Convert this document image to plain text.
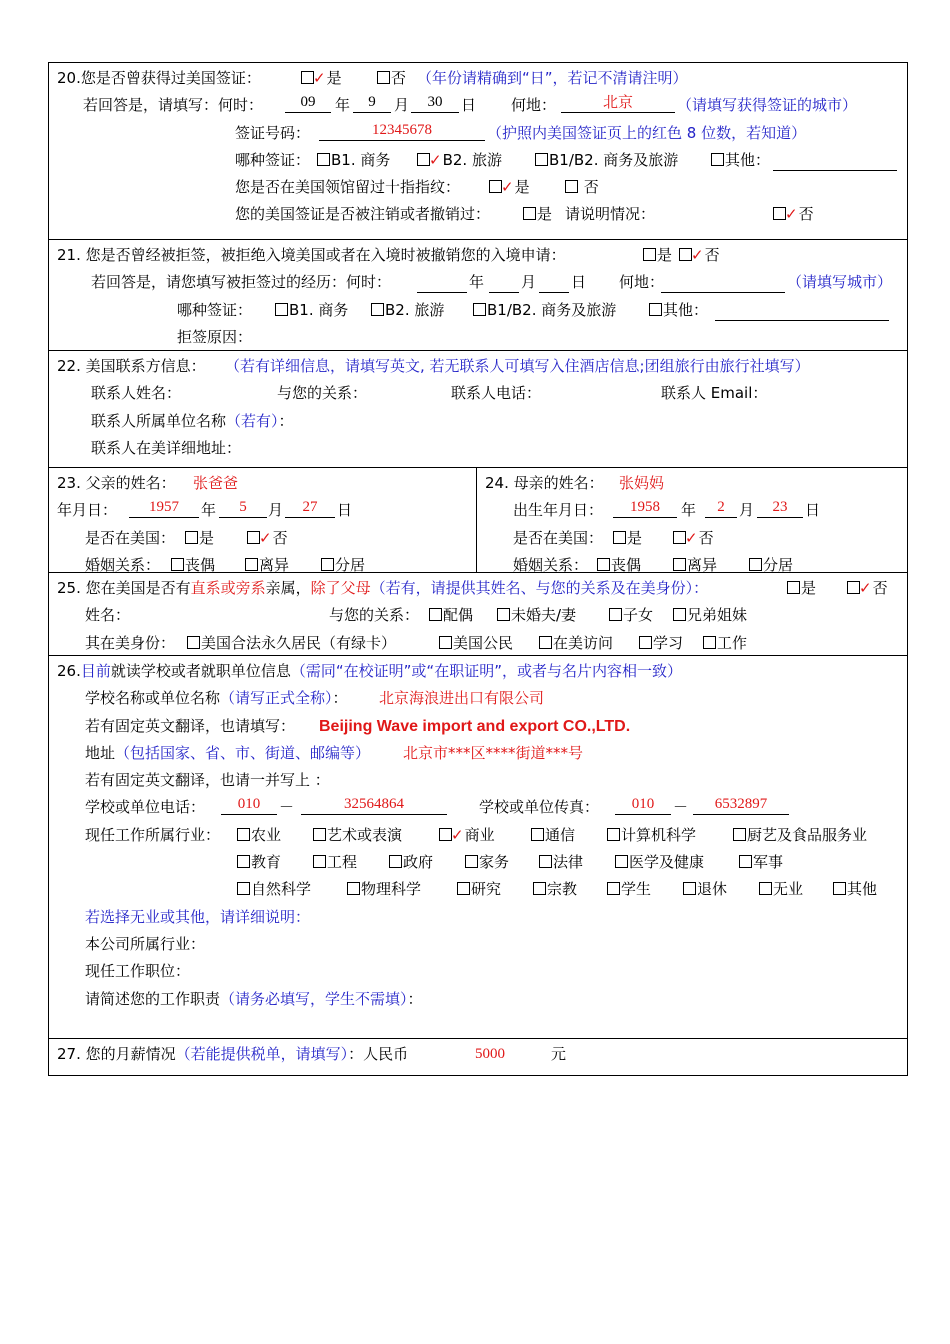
20.您是否曾获得过美国签证：	✓是	否 （年份请精确到“日”，若记不清请注明）
若回答是，请填写：何时：	09	年	9	月	30	日 何地：	北京	（请填写获得签证的城市）
签证号码：	12345678	（护照内美国签证页上的红色 8 位数，若知道）
哪种签证：	B1. 商务	✓B2. 旅游	B1/B2. 商务及旅游	其他：
您是否在美国领馆留过十指指纹：	✓是	否
您的美国签证是否被注销或者撤销过：	是 请说明情况：	✓否
21. 您是否曾经被拒签，被拒绝入境美国或者在入境时被撤销您的入境申请：	是	✓否
若回答是，请您填写被拒签过的经历：何时：	年 月 日 何地：	（请填写城市）
哪种签证：	B1. 商务	B2. 旅游	B1/B2. 商务及旅游	其他：
拒签原因：
22. 美国联系方信息： （若有详细信息，请填写英文, 若无联系人可填写入住酒店信息;团组旅行由旅行社填写）
联系人姓名：	与您的关系：	联系人电话：	联系人 Email：
联系人所属单位名称（若有）：
联系人在美详细地址：
23. 父亲的姓名： 张爸爸
年月日：	1957	年	5	月	27	日
是否在美国：	是	✓否
婚姻关系：	丧偶	离异	分居
24. 母亲的姓名： 张妈妈
出生年月日：	1958	年	2 月	23	日
是否在美国：	是	✓否
婚姻关系：	丧偶	离异	分居
25. 您在美国是否有直系或旁系亲属，除了父母（若有，请提供其姓名、与您的关系及在美身份）：	是	✓否
姓名：	与您的关系：	配偶	未婚夫/妻	子女	兄弟姐妹
其在美身份：	美国合法永久居民（有绿卡）	美国公民	在美访问	学习	工作
26.目前就读学校或者就职单位信息（需同“在校证明”或“在职证明”，或者与名片内容相一致）
学校名称或单位名称（请写正式全称）： 北京海浪进出口有限公司
若有固定英文翻译，也请填写： Beijing Wave import and export CO.,LTD.
地址（包括国家、省、市、街道、邮编等） 北京市***区****街道***号
若有固定英文翻译，也请一并写上 ：
学校或单位电话：	010	－	32564864	学校或单位传真：	010	－	6532897
现任工作所属行业：	农业	艺术或表演	✓商业	通信	计算机科学	厨艺及食品服务业
教育	工程	政府	家务	法律	医学及健康	军事
自然科学	物理科学	研究	宗教	学生	退休	无业	其他
若选择无业或其他，请详细说明：
本公司所属行业：
现任工作职位：
请简述您的工作职责（请务必填写，学生不需填）：
27. 您的月薪情况（若能提供税单，请填写）：人民币	5000	元
